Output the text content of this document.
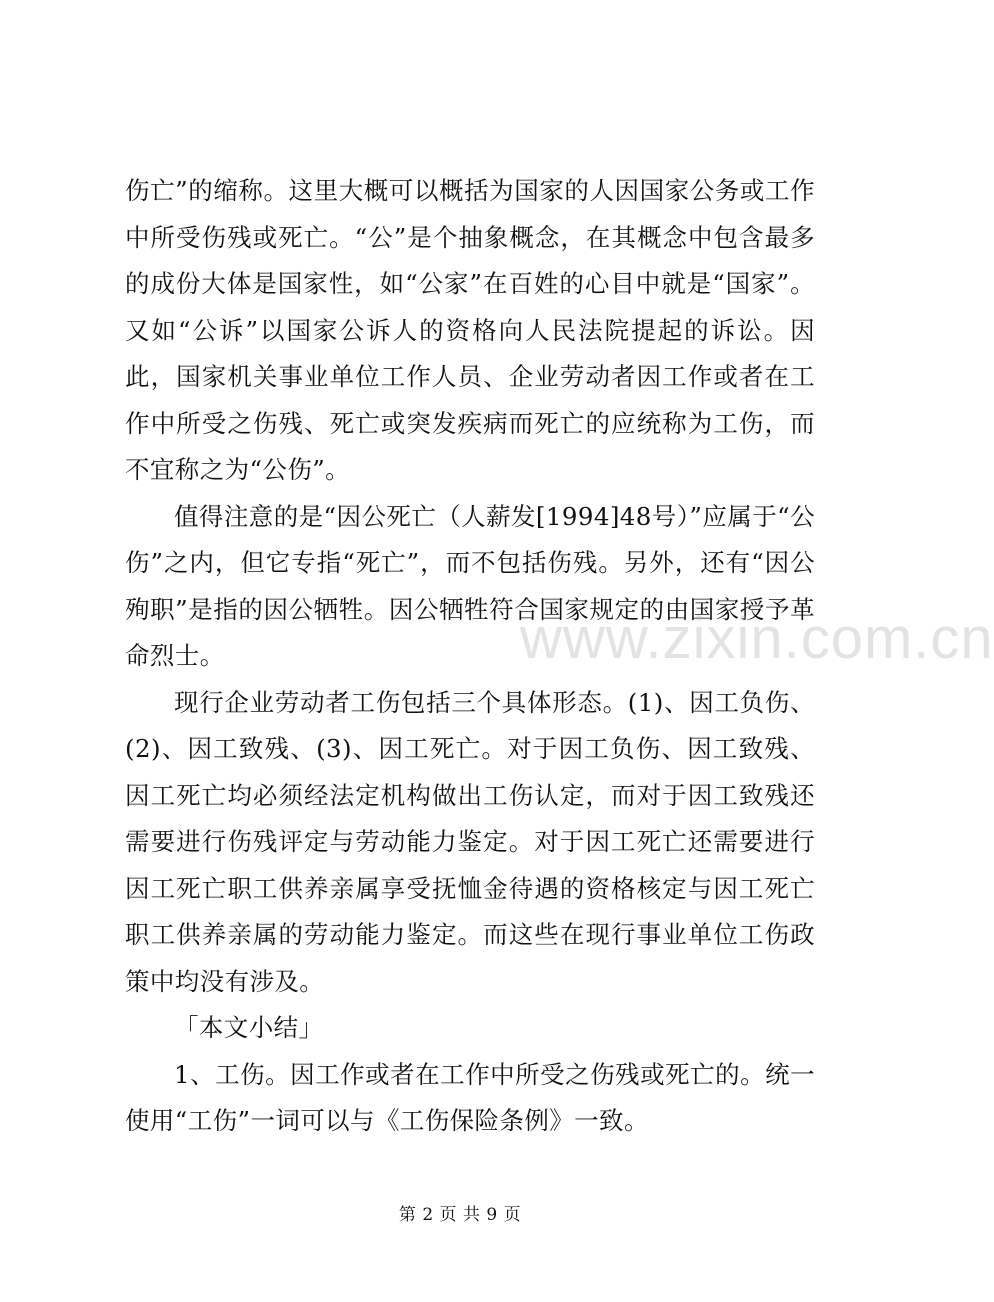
伤亡”的缩称。这里大概可以概括为国家的人因国家公务或工作中所受伤残或死亡。“公”是个抽象概念，在其概念中包含最多的成份大体是国家性，如“公家”在百姓的心目中就是“国家”。又如“公诉”以国家公诉人的资格向人民法院提起的诉讼。因此，国家机关事业单位工作人员、企业劳动者因工作或者在工作中所受之伤残、死亡或突发疾病而死亡的应统称为工伤，而不宜称之为“公伤”。

值得注意的是“因公死亡（人薪发[1994]48号）”应属于“公伤”之内，但它专指“死亡”，而不包括伤残。另外，还有“因公殉职”是指的因公牺牲。因公牺牲符合国家规定的由国家授予革命烈士。

现行企业劳动者工伤包括三个具体形态。(1)、因工负伤、(2)、因工致残、(3)、因工死亡。对于因工负伤、因工致残、因工死亡均必须经法定机构做出工伤认定，而对于因工致残还需要进行伤残评定与劳动能力鉴定。对于因工死亡还需要进行因工死亡职工供养亲属享受抚恤金待遇的资格核定与因工死亡职工供养亲属的劳动能力鉴定。而这些在现行事业单位工伤政策中均没有涉及。

「本文小结」

1、工伤。因工作或者在工作中所受之伤残或死亡的。统一使用“工伤”一词可以与《工伤保险条例》一致。

www.zixin.com.cn
第 2 页 共 9 页
